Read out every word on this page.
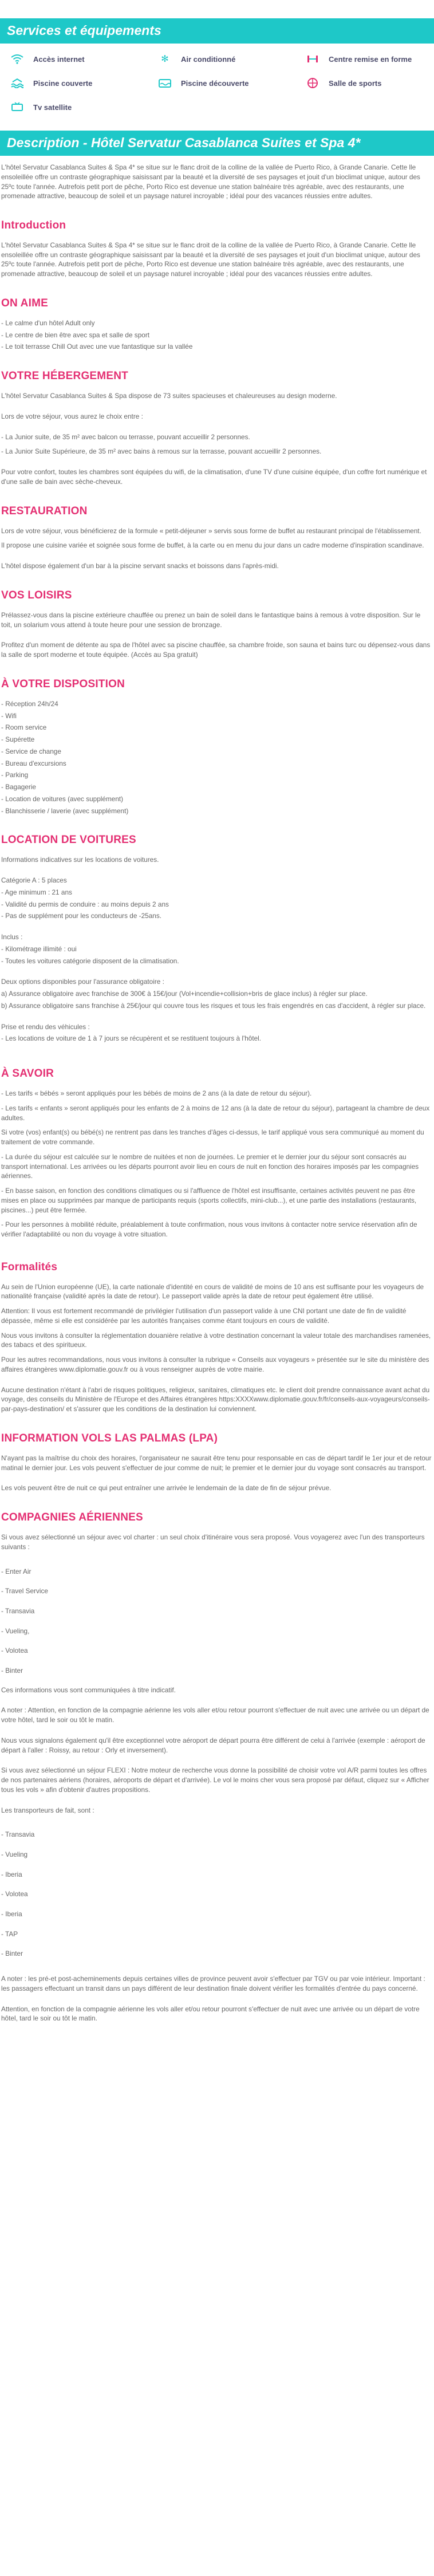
Services et équipements
Accès internet	✻	Air conditionné	Centre remise en forme
Piscine couverte	Piscine découverte	Salle de sports
Tv satellite
Description - Hôtel Servatur Casablanca Suites et Spa 4*

L'hôtel Servatur Casablanca Suites & Spa 4* se situe sur le flanc droit de la colline de la vallée de Puerto Rico, à Grande Canarie. Cette lle ensoleillée offre un contraste géographique saisissant par la beauté et la diversité de ses paysages et jouit d'un bioclimat unique, autour des 25ºc toute l'année. Autrefois petit port de pêche, Porto Rico est devenue une station balnéaire très agréable, avec des restaurants, une promenade attractive, beaucoup de soleil et un paysage naturel incroyable ; idéal pour des vacances réussies entre adultes.

Introduction

L'hôtel Servatur Casablanca Suites & Spa 4* se situe sur le flanc droit de la colline de la vallée de Puerto Rico, à Grande Canarie. Cette lle ensoleillée offre un contraste géographique saisissant par la beauté et la diversité de ses paysages et jouit d'un bioclimat unique, autour des 25ºc toute l'année. Autrefois petit port de pêche, Porto Rico est devenue une station balnéaire très agréable, avec des restaurants, une promenade attractive, beaucoup de soleil et un paysage naturel incroyable ; idéal pour des vacances réussies entre adultes.

ON AIME
- Le calme d'un hôtel Adult only
- Le centre de bien être avec spa et salle de sport
- Le toit terrasse Chill Out avec une vue fantastique sur la vallée
VOTRE HÉBERGEMENT

L'hôtel Servatur Casablanca Suites & Spa dispose de 73 suites spacieuses et chaleureuses au design moderne.

Lors de votre séjour, vous aurez le choix entre :

- La Junior suite, de 35 m² avec balcon ou terrasse, pouvant accueillir 2 personnes.

- La Junior Suite Supérieure, de 35 m² avec bains à remous sur la terrasse, pouvant accueillir 2 personnes.

Pour votre confort, toutes les chambres sont équipées du wifi, de la climatisation, d'une TV d'une cuisine équipée, d'un coffre fort numérique et d'une salle de bain avec sèche-cheveux.

RESTAURATION

Lors de votre séjour, vous bénéficierez de la formule « petit-déjeuner » servis sous forme de buffet au restaurant principal de l'établissement.

Il propose une cuisine variée et soignée sous forme de buffet, à la carte ou en menu du jour dans un cadre moderne d'inspiration scandinave.

L'hôtel dispose également d'un bar à la piscine servant snacks et boissons dans l'après-midi.

VOS LOISIRS

Prélassez-vous dans la piscine extérieure chauffée ou prenez un bain de soleil dans le fantastique bains à remous à votre disposition. Sur le toit, un solarium vous attend à toute heure pour une session de bronzage.

Profitez d'un moment de détente au spa de l'hôtel avec sa piscine chauffée, sa chambre froide, son sauna et bains turc ou dépensez-vous dans la salle de sport moderne et toute équipée. (Accès au Spa gratuit)

À VOTRE DISPOSITION
- Réception 24h/24
- Wifi
- Room service
- Supérette
- Service de change
- Bureau d'excursions
- Parking
- Bagagerie
- Location de voitures (avec supplément)
- Blanchisserie / laverie (avec supplément)
LOCATION DE VOITURES

Informations indicatives sur les locations de voitures.

Catégorie A : 5 places
- Age minimum : 21 ans
- Validité du permis de conduire : au moins depuis 2 ans
- Pas de supplément pour les conducteurs de -25ans.
Inclus :
- Kilométrage illimité : oui
- Toutes les voitures catégorie disposent de la climatisation.
Deux options disponibles pour l'assurance obligatoire :
a) Assurance obligatoire avec franchise de 300€ à 15€/jour (Vol+incendie+collision+bris de glace inclus) à régler sur place.
b) Assurance obligatoire sans franchise à 25€/jour qui couvre tous les risques et tous les frais engendrés en cas d'accident, à régler sur place.
Prise et rendu des véhicules :
- Les locations de voiture de 1 à 7 jours se récupèrent et se restituent toujours à l'hôtel.
À SAVOIR

- Les tarifs « bébés » seront appliqués pour les bébés de moins de 2 ans (à la date de retour du séjour).

- Les tarifs « enfants » seront appliqués pour les enfants de 2 à moins de 12 ans (à la date de retour du séjour), partageant la chambre de deux adultes.

Si votre (vos) enfant(s) ou bébé(s) ne rentrent pas dans les tranches d'âges ci-dessus, le tarif appliqué vous sera communiqué au moment du traitement de votre commande.

- La durée du séjour est calculée sur le nombre de nuitées et non de journées. Le premier et le dernier jour du séjour sont consacrés au transport international. Les arrivées ou les départs pourront avoir lieu en cours de nuit en fonction des horaires imposés par les compagnies aériennes.

- En basse saison, en fonction des conditions climatiques ou si l'affluence de l'hôtel est insuffisante, certaines activités peuvent ne pas être mises en place ou supprimées par manque de participants requis (sports collectifs, mini-club...), et une partie des installations (restaurants, piscines...) peut être fermée.

- Pour les personnes à mobilité réduite, préalablement à toute confirmation, nous vous invitons à contacter notre service réservation afin de vérifier l'adaptabilité ou non du voyage à votre situation.

Formalités

Au sein de l'Union européenne (UE), la carte nationale d'identité en cours de validité de moins de 10 ans est suffisante pour les voyageurs de nationalité française (validité après la date de retour). Le passeport valide après la date de retour peut également être utilisé.

Attention: Il vous est fortement recommandé de privilégier l'utilisation d'un passeport valide à une CNI portant une date de fin de validité dépassée, même si elle est considérée par les autorités françaises comme étant toujours en cours de validité.

Nous vous invitons à consulter la réglementation douanière relative à votre destination concernant la valeur totale des marchandises ramenées, des tabacs et des spiritueux.

Pour les autres recommandations, nous vous invitons à consulter la rubrique « Conseils aux voyageurs » présentée sur le site du ministère des affaires étrangères www.diplomatie.gouv.fr ou à vous renseigner auprès de votre mairie.

Aucune destination n'étant à l'abri de risques politiques, religieux, sanitaires, climatiques etc. le client doit prendre connaissance avant achat du voyage, des conseils du Ministère de l'Europe et des Affaires étrangères https:XXXXwww.diplomatie.gouv.fr/fr/conseils-aux-voyageurs/conseils-par-pays-destination/ et s'assurer que les conditions de la destination lui conviennent.

INFORMATION VOLS LAS PALMAS (LPA)

N'ayant pas la maîtrise du choix des horaires, l'organisateur ne saurait être tenu pour responsable en cas de départ tardif le 1er jour et de retour matinal le dernier jour. Les vols peuvent s'effectuer de jour comme de nuit; le premier et le dernier jour du voyage sont consacrés au transport.

Les vols peuvent être de nuit ce qui peut entraîner une arrivée le lendemain de la date de fin de séjour prévue.

COMPAGNIES AÉRIENNES

Si vous avez sélectionné un séjour avec vol charter : un seul choix d'itinéraire vous sera proposé. Vous voyagerez avec l'un des transporteurs suivants :

- Enter Air
- Travel Service
- Transavia
- Vueling,
- Volotea
- Binter

Ces informations vous sont communiquées à titre indicatif.

A noter : Attention, en fonction de la compagnie aérienne les vols aller et/ou retour pourront s'effectuer de nuit avec une arrivée ou un départ de votre hôtel, tard le soir ou tôt le matin.

Nous vous signalons également qu'il être exceptionnel votre aéroport de départ pourra être différent de celui à l'arrivée (exemple : aéroport de départ à l'aller : Roissy, au retour : Orly et inversement).

Si vous avez sélectionné un séjour FLEXI : Notre moteur de recherche vous donne la possibilité de choisir votre vol A/R parmi toutes les offres de nos partenaires aériens (horaires, aéroports de départ et d'arrivée). Le vol le moins cher vous sera proposé par défaut, cliquez sur « Afficher tous les vols » afin d'obtenir d'autres propositions.

Les transporteurs de fait, sont :

- Transavia
- Vueling
- Iberia
- Volotea
- Iberia
- TAP
- Binter

A noter : les pré-et post-acheminements depuis certaines villes de province peuvent avoir s'effectuer par TGV ou par voie intérieur. Important : les passagers effectuant un transit dans un pays différent de leur destination finale doivent vérifier les formalités d'entrée du pays concerné.

Attention, en fonction de la compagnie aérienne les vols aller et/ou retour pourront s'effectuer de nuit avec une arrivée ou un départ de votre hôtel, tard le soir ou tôt le matin.
